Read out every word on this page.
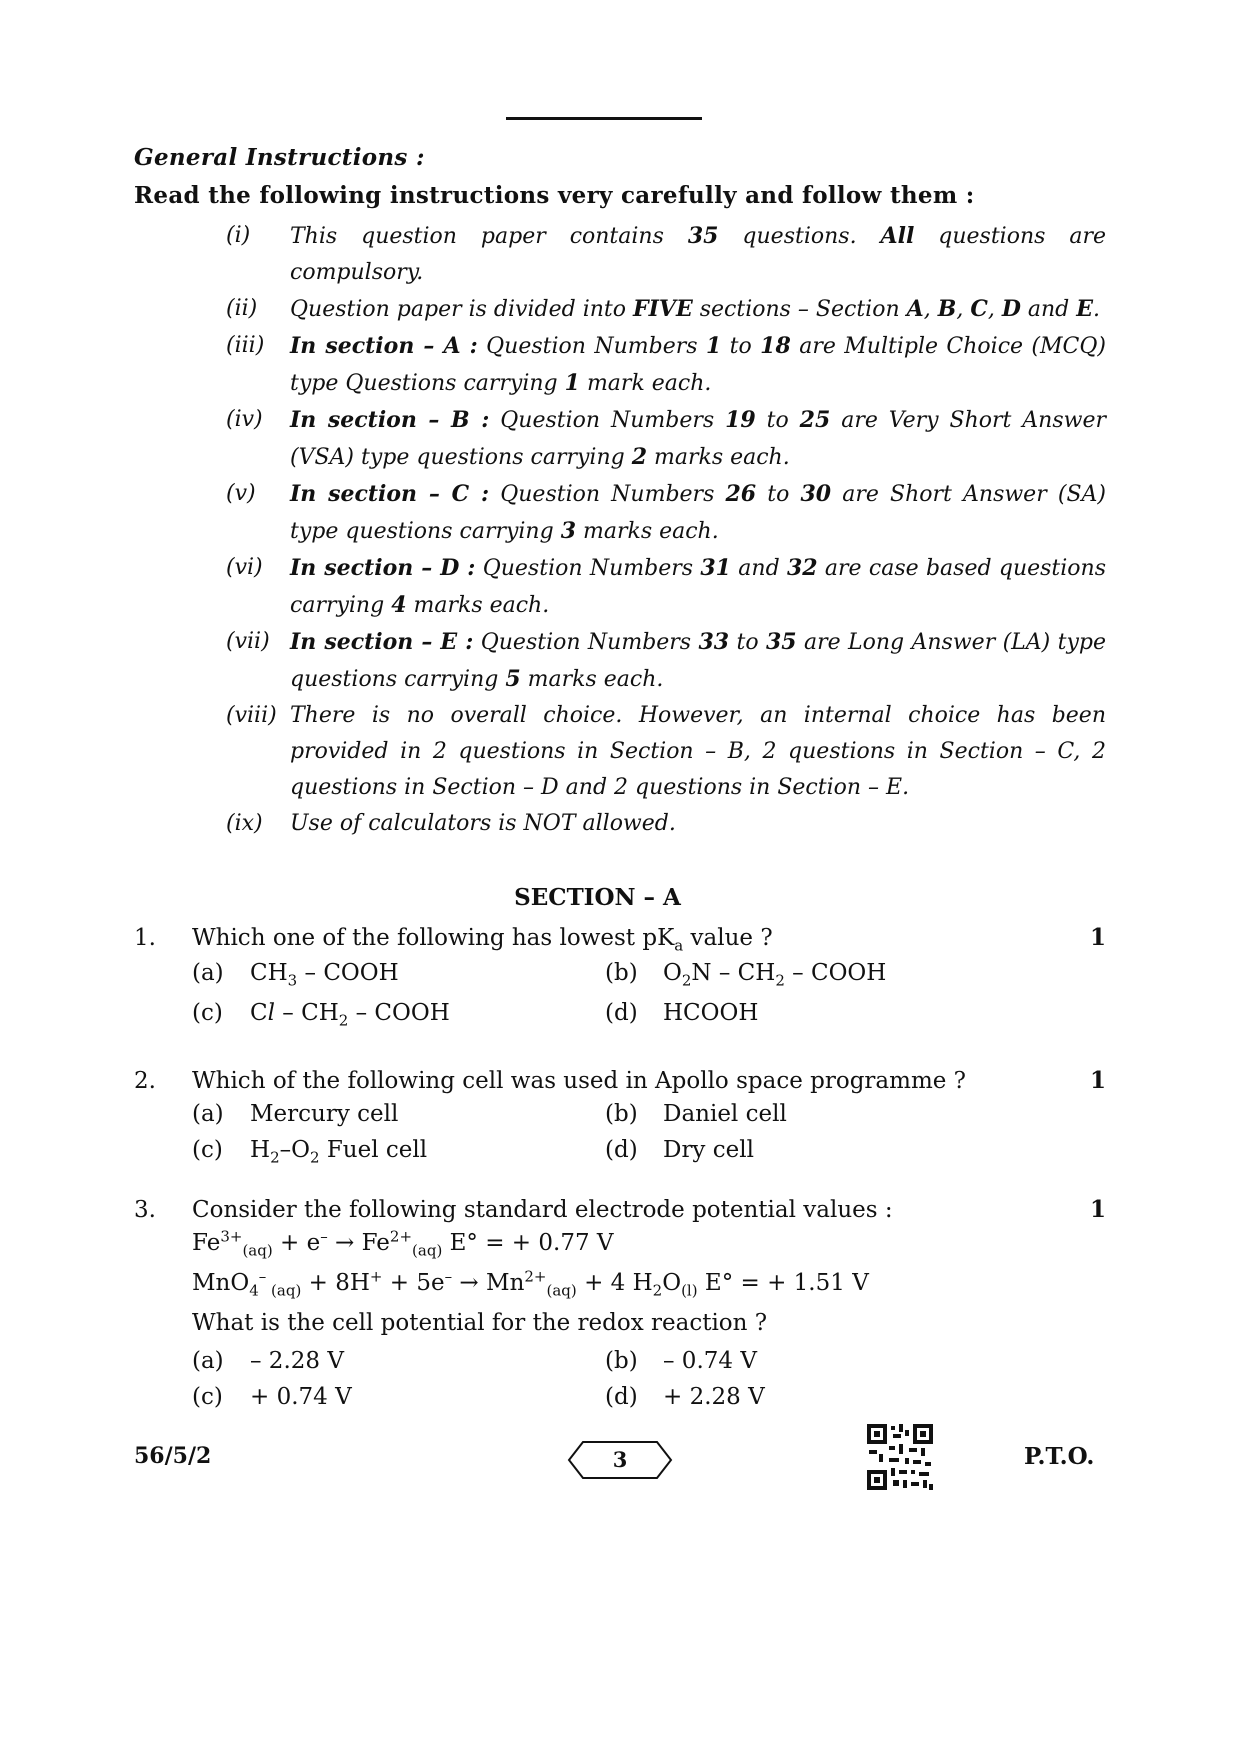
General Instructions :
Read the following instructions very carefully and follow them :
(i)	This question paper contains 35 questions. All questions are compulsory.
(ii)	Question paper is divided into FIVE sections – Section A, B, C, D and E.
(iii)	In section – A : Question Numbers 1 to 18 are Multiple Choice (MCQ) type Questions carrying 1 mark each.
(iv)	In section – B : Question Numbers 19 to 25 are Very Short Answer (VSA) type questions carrying 2 marks each.
(v)	In section – C : Question Numbers 26 to 30 are Short Answer (SA) type questions carrying 3 marks each.
(vi)	In section – D : Question Numbers 31 and 32 are case based questions carrying 4 marks each.
(vii) In section – E : Question Numbers 33 to 35 are Long Answer (LA) type questions carrying 5 marks each.
(viii) There is no overall choice. However, an internal choice has been provided in 2 questions in Section – B, 2 questions in Section – C, 2 questions in Section – D and 2 questions in Section – E.
(ix)	Use of calculators is NOT allowed.
SECTION – A
1.	Which one of the following has lowest $pK_a$ value ?	1
(a)	$CH_3$ – COOH	(b)	$O_2N - CH_2$ – COOH
(c)	Cl – $CH_2$ – COOH	(d)	HCOOH
2.	Which of the following cell was used in Apollo space programme ?	1
(a)	Mercury cell	(b)	Daniel cell
(c)	$H_2-O_2$ Fuel cell	(d)	Dry cell
3.	Consider the following standard electrode potential values :	1
$Fe^{3+}_{(aq)} + e^- \to Fe^{2+}_{(aq)}$ E° = + 0.77 V
MnO$_4$– $_{(aq)} + 8H^+ + 5e^- \to Mn^{2+}_{(aq)} + 4$ $H_2O_{(l)}$ E° = + 1.51 V
What is the cell potential for the redox reaction ?
(a)	– 2.28 V	(b)	– 0.74 V
(c)	+ 0.74 V	(d)	+ 2.28 V
56/5/2	3	P.T.O.
